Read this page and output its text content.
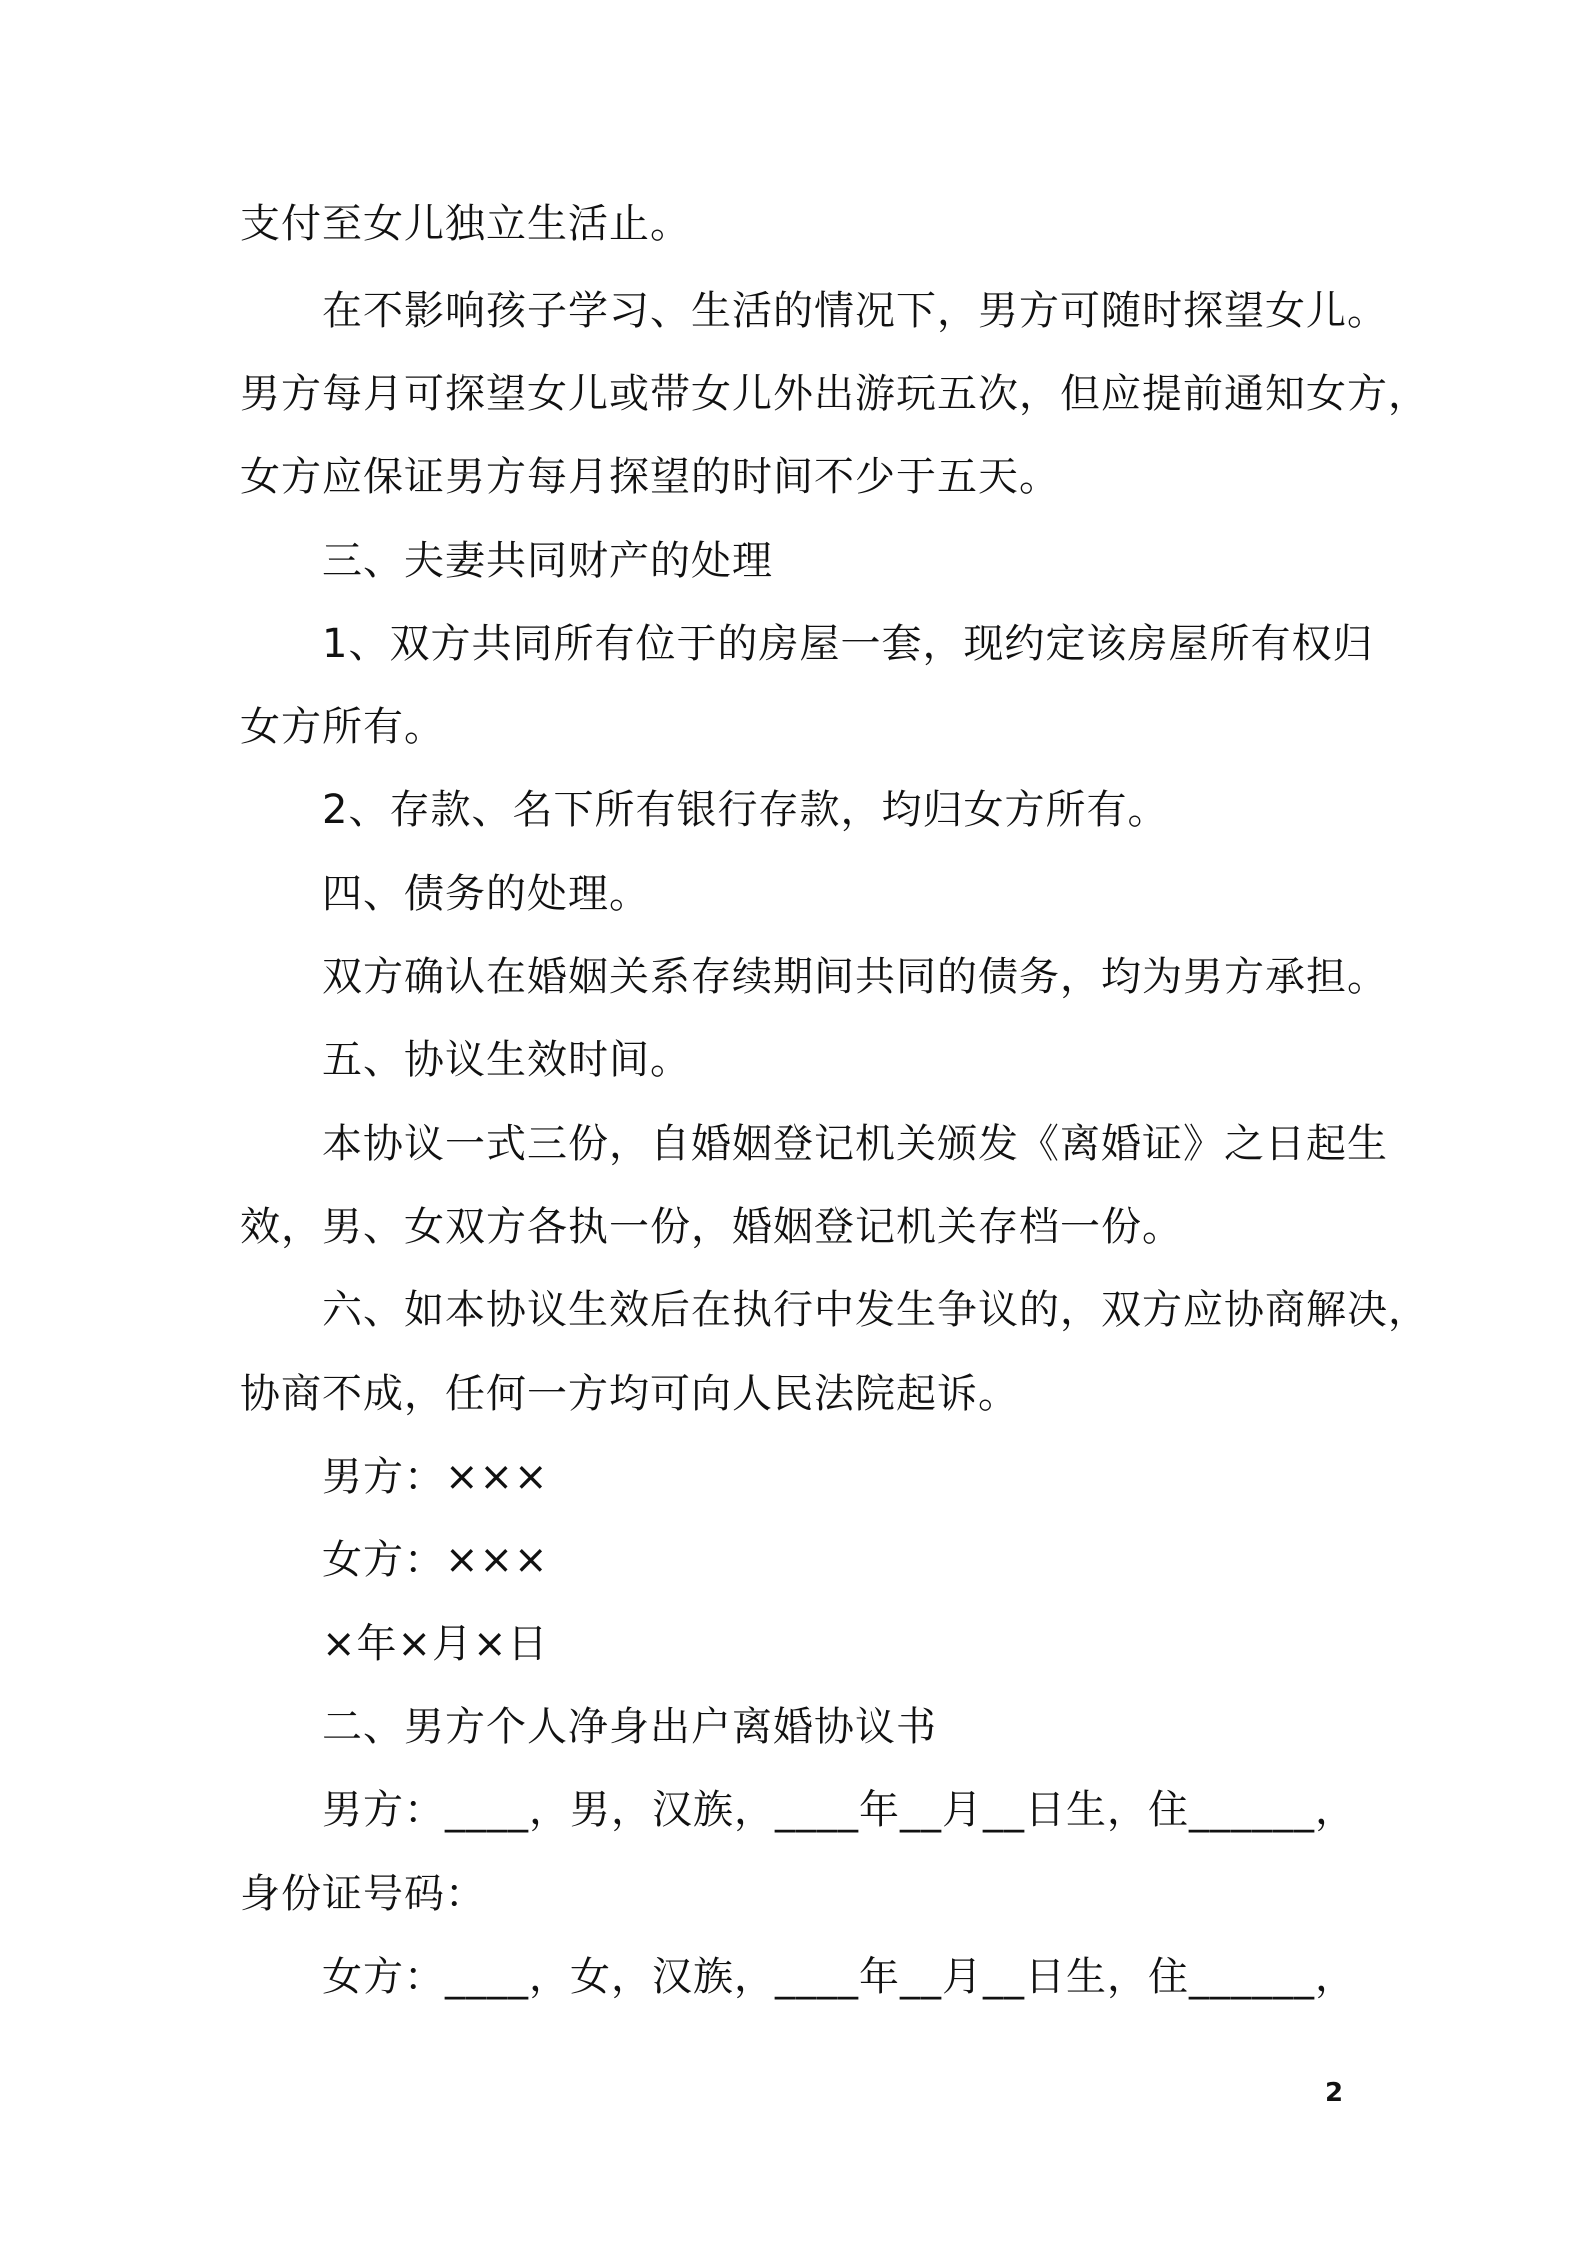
支付至女儿独立生活止。
在不影响孩子学习、生活的情况下，男方可随时探望女儿。
男方每月可探望女儿或带女儿外出游玩五次，但应提前通知女方，
女方应保证男方每月探望的时间不少于五天。
三、夫妻共同财产的处理
1、双方共同所有位于的房屋一套，现约定该房屋所有权归
女方所有。
2、存款、名下所有银行存款，均归女方所有。
四、债务的处理。
双方确认在婚姻关系存续期间共同的债务，均为男方承担。
五、协议生效时间。
本协议一式三份，自婚姻登记机关颁发《离婚证》之日起生
效，男、女双方各执一份，婚姻登记机关存档一份。
六、如本协议生效后在执行中发生争议的，双方应协商解决，
协商不成，任何一方均可向人民法院起诉。
男方：×××
女方：×××
×年×月×日
二、男方个人净身出户离婚协议书
男方：____，男，汉族，____年__月__日生，住______，
身份证号码：
女方：____，女，汉族，____年__月__日生，住______，
2
